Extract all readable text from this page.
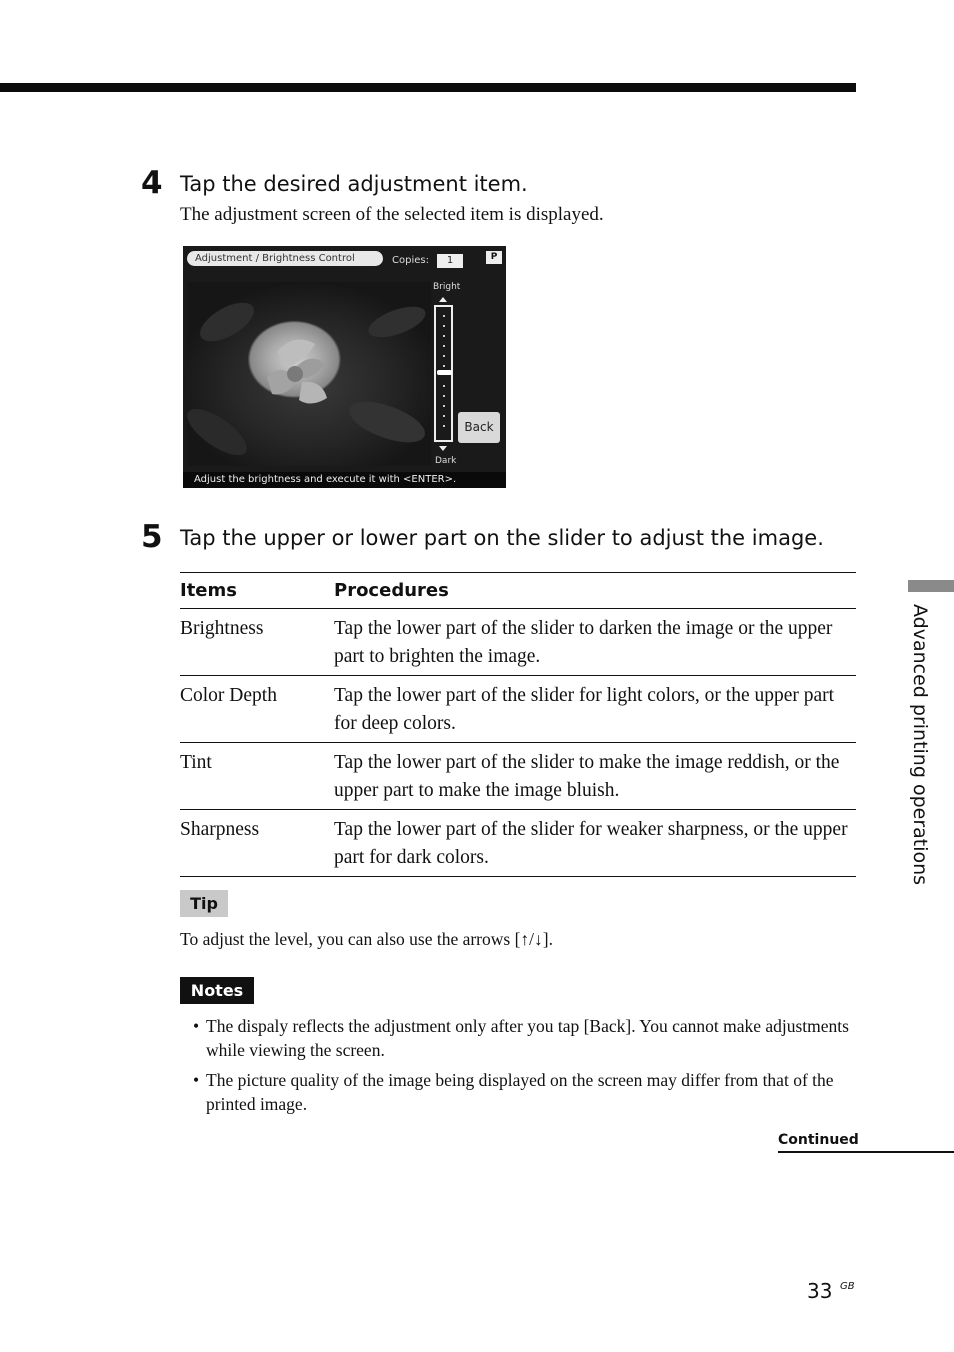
4 Tap the desired adjustment item.
The adjustment screen of the selected item is displayed.
Adjustment / Brightness Control	Copies:	1	P
Bright
Dark
Back
Adjust the brightness and execute it with <ENTER>.
5 Tap the upper or lower part on the slider to adjust the image.
Items	Procedures
Brightness	Tap the lower part of the slider to darken the image or the upper part to brighten the image.
Color Depth	Tap the lower part of the slider for light colors, or the upper part for deep colors.
Tint	Tap the lower part of the slider to make the image reddish, or the upper part to make the image bluish.
Sharpness	Tap the lower part of the slider for weaker sharpness, or the upper part for dark colors.
Tip
To adjust the level, you can also use the arrows [↑/↓].
Notes
• The dispaly reflects the adjustment only after you tap [Back]. You cannot make adjustments while viewing the screen.
• The picture quality of the image being displayed on the screen may differ from that of the printed image.
Continued
33 GB
Advanced printing operations
